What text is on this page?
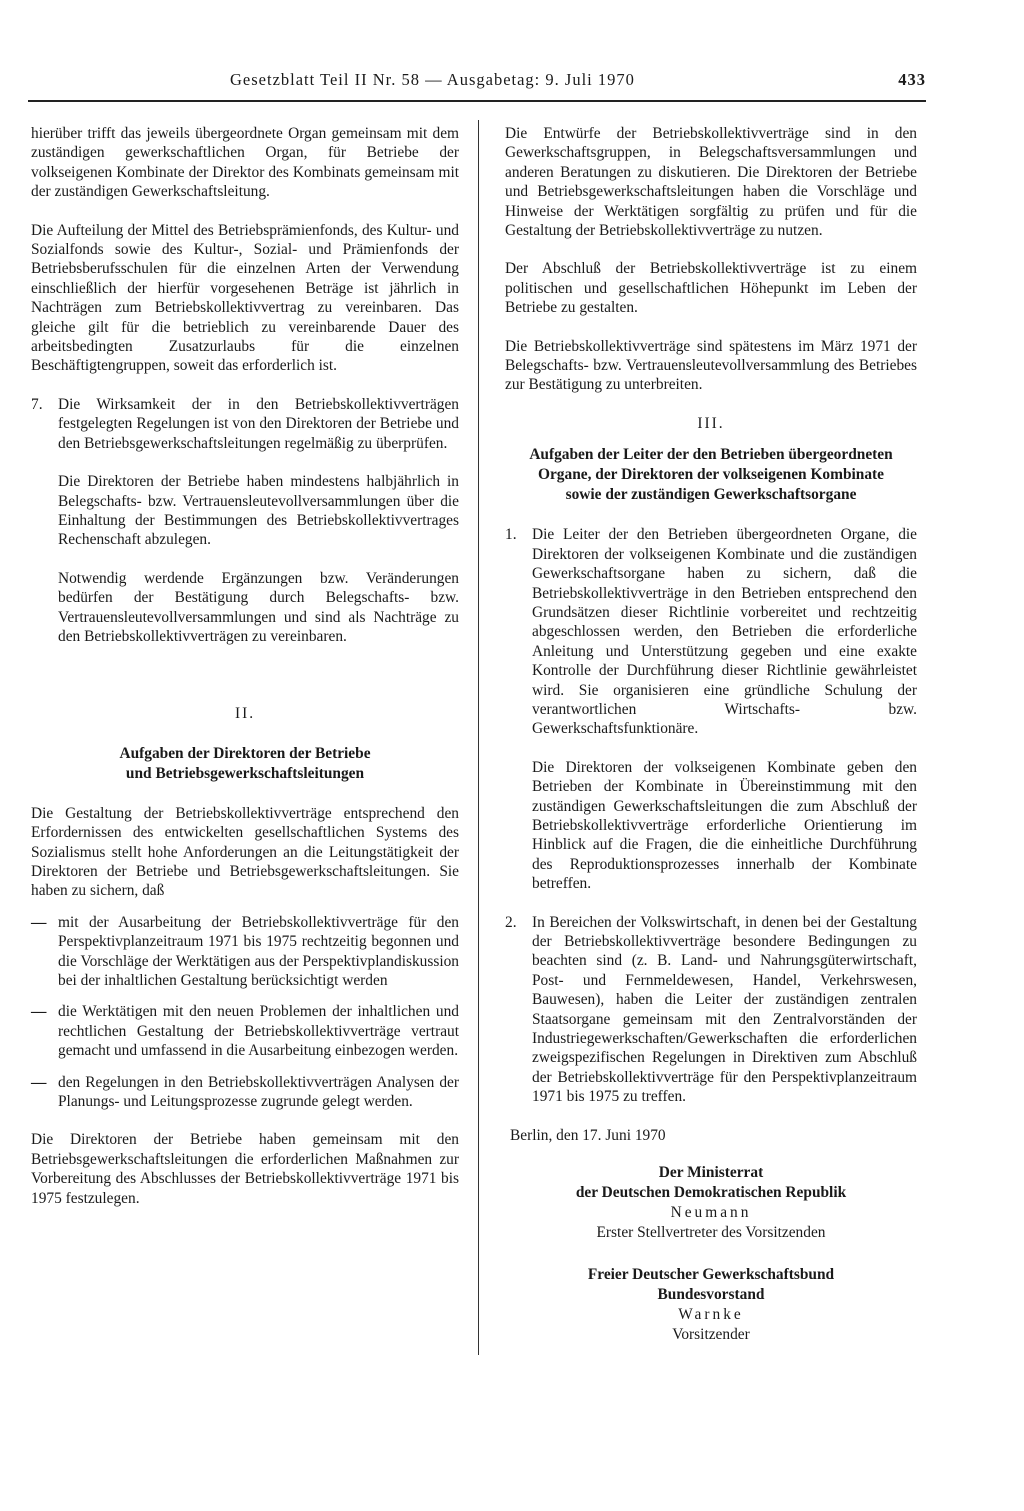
Gesetzblatt Teil II Nr. 58 — Ausgabetag: 9. Juli 1970	433

hierüber trifft das jeweils übergeordnete Organ gemeinsam mit dem zuständigen gewerkschaftlichen Organ, für Betriebe der volkseigenen Kombinate der Direktor des Kombinats gemeinsam mit der zuständigen Gewerkschaftsleitung.

Die Aufteilung der Mittel des Betriebsprämienfonds, des Kultur- und Sozialfonds sowie des Kultur-, Sozial- und Prämienfonds der Betriebsberufsschulen für die einzelnen Arten der Verwendung einschließlich der hierfür vorgesehenen Beträge ist jährlich in Nachträgen zum Betriebskollektivvertrag zu vereinbaren. Das gleiche gilt für die betrieblich zu vereinbarende Dauer des arbeitsbedingten Zusatzurlaubs für die einzelnen Beschäftigtengruppen, soweit das erforderlich ist.

7. Die Wirksamkeit der in den Betriebskollektivverträgen festgelegten Regelungen ist von den Direktoren der Betriebe und den Betriebsgewerkschaftsleitungen regelmäßig zu überprüfen.

Die Direktoren der Betriebe haben mindestens halbjährlich in Belegschafts- bzw. Vertrauensleutevollversammlungen über die Einhaltung der Bestimmungen des Betriebskollektivvertrages Rechenschaft abzulegen.

Notwendig werdende Ergänzungen bzw. Veränderungen bedürfen der Bestätigung durch Belegschafts- bzw. Vertrauensleutevollversammlungen und sind als Nachträge zu den Betriebskollektivverträgen zu vereinbaren.

II.
Aufgaben der Direktoren der Betriebe
und Betriebsgewerkschaftsleitungen

Die Gestaltung der Betriebskollektivverträge entsprechend den Erfordernissen des entwickelten gesellschaftlichen Systems des Sozialismus stellt hohe Anforderungen an die Leitungstätigkeit der Direktoren der Betriebe und Betriebsgewerkschaftsleitungen. Sie haben zu sichern, daß

— mit der Ausarbeitung der Betriebskollektivverträge für den Perspektivplanzeitraum 1971 bis 1975 rechtzeitig begonnen und die Vorschläge der Werktätigen aus der Perspektivplandiskussion bei der inhaltlichen Gestaltung berücksichtigt werden
— die Werktätigen mit den neuen Problemen der inhaltlichen und rechtlichen Gestaltung der Betriebskollektivverträge vertraut gemacht und umfassend in die Ausarbeitung einbezogen werden.
— den Regelungen in den Betriebskollektivverträgen Analysen der Planungs- und Leitungsprozesse zugrunde gelegt werden.

Die Direktoren der Betriebe haben gemeinsam mit den Betriebsgewerkschaftsleitungen die erforderlichen Maßnahmen zur Vorbereitung des Abschlusses der Betriebskollektivverträge 1971 bis 1975 festzulegen.

Die Entwürfe der Betriebskollektivverträge sind in den Gewerkschaftsgruppen, in Belegschaftsversammlungen und anderen Beratungen zu diskutieren. Die Direktoren der Betriebe und Betriebsgewerkschaftsleitungen haben die Vorschläge und Hinweise der Werktätigen sorgfältig zu prüfen und für die Gestaltung der Betriebskollektivverträge zu nutzen.

Der Abschluß der Betriebskollektivverträge ist zu einem politischen und gesellschaftlichen Höhepunkt im Leben der Betriebe zu gestalten.

Die Betriebskollektivverträge sind spätestens im März 1971 der Belegschafts- bzw. Vertrauensleutevollversammlung des Betriebes zur Bestätigung zu unterbreiten.

III.
Aufgaben der Leiter der den Betrieben übergeordneten
Organe, der Direktoren der volkseigenen Kombinate
sowie der zuständigen Gewerkschaftsorgane
1. Die Leiter der den Betrieben übergeordneten Organe, die Direktoren der volkseigenen Kombinate und die zuständigen Gewerkschaftsorgane haben zu sichern, daß die Betriebskollektivverträge in den Betrieben entsprechend den Grundsätzen dieser Richtlinie vorbereitet und rechtzeitig abgeschlossen werden, den Betrieben die erforderliche Anleitung und Unterstützung gegeben und eine exakte Kontrolle der Durchführung dieser Richtlinie gewährleistet wird. Sie organisieren eine gründliche Schulung der verantwortlichen Wirtschafts- bzw. Gewerkschaftsfunktionäre.

Die Direktoren der volkseigenen Kombinate geben den Betrieben der Kombinate in Übereinstimmung mit den zuständigen Gewerkschaftsleitungen die zum Abschluß der Betriebskollektivverträge erforderliche Orientierung im Hinblick auf die Fragen, die die einheitliche Durchführung des Reproduktionsprozesses innerhalb der Kombinate betreffen.

2. In Bereichen der Volkswirtschaft, in denen bei der Gestaltung der Betriebskollektivverträge besondere Bedingungen zu beachten sind (z. B. Land- und Nahrungsgüterwirtschaft, Post- und Fernmeldewesen, Handel, Verkehrswesen, Bauwesen), haben die Leiter der zuständigen zentralen Staatsorgane gemeinsam mit den Zentralvorständen der Industriegewerkschaften/Gewerkschaften die erforderlichen zweigspezifischen Regelungen in Direktiven zum Abschluß der Betriebskollektivverträge für den Perspektivplanzeitraum 1971 bis 1975 zu treffen.

Berlin, den 17. Juni 1970
Der Ministerrat
der Deutschen Demokratischen Republik
Neumann
Erster Stellvertreter des Vorsitzenden
Freier Deutscher Gewerkschaftsbund
Bundesvorstand
Warnke
Vorsitzender
